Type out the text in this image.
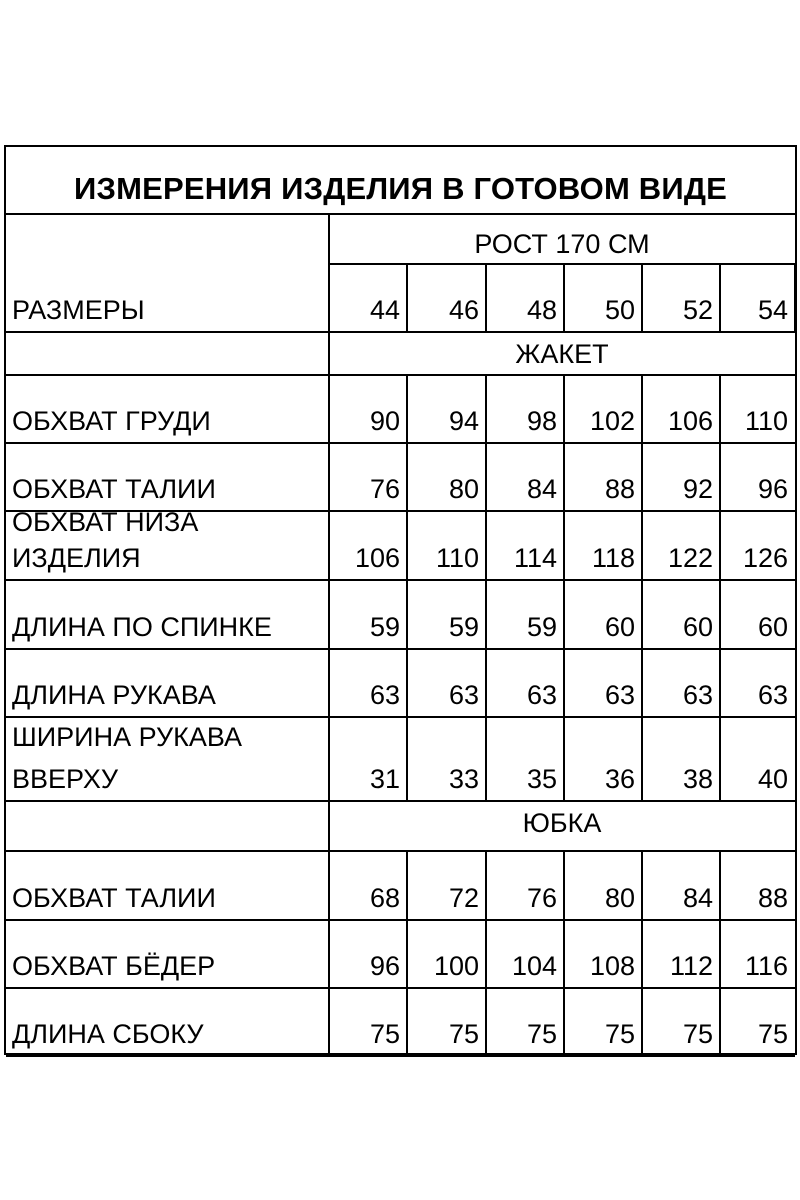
ИЗМЕРЕНИЯ ИЗДЕЛИЯ В ГОТОВОМ ВИДЕ
РОСТ 170 СМ
РАЗМЕРЫ	44	46	48	50	52	54
ЖАКЕТ
ОБХВАТ ГРУДИ	90	94	98	102	106	110
ОБХВАТ ТАЛИИ	76	80	84	88	92	96
ОБХВАТ НИЗА
ИЗДЕЛИЯ	106	110	114	118	122	126
ДЛИНА ПО СПИНКЕ	59	59	59	60	60	60
ДЛИНА РУКАВА	63	63	63	63	63	63
ШИРИНА РУКАВА
ВВЕРХУ	31	33	35	36	38	40
ЮБКА
ОБХВАТ ТАЛИИ	68	72	76	80	84	88
ОБХВАТ БЁДЕР	96	100	104	108	112	116
ДЛИНА СБОКУ	75	75	75	75	75	75
